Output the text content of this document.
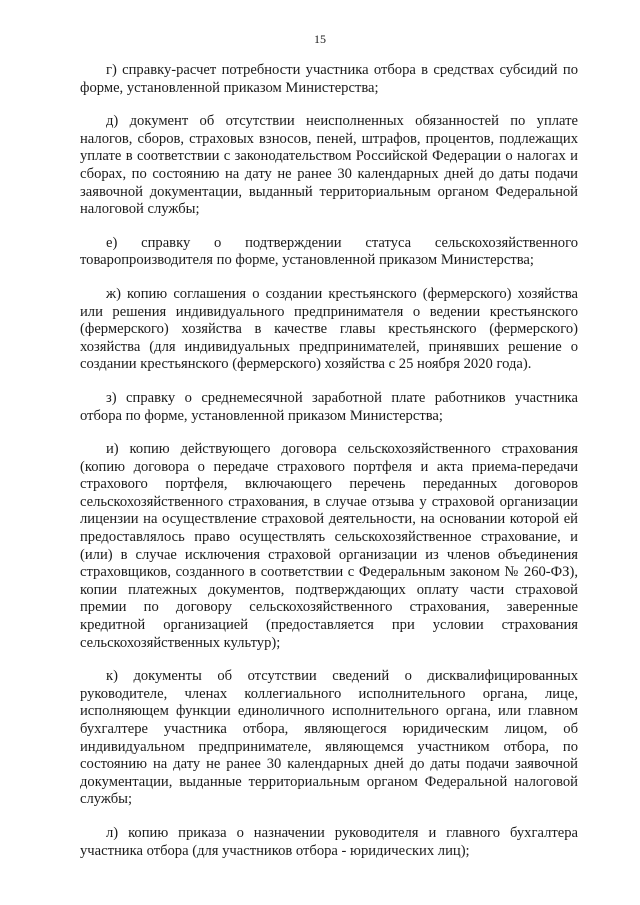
15

г) справку-расчет потребности участника отбора в средствах субсидий по форме, установленной приказом Министерства;

д) документ об отсутствии неисполненных обязанностей по уплате налогов, сборов, страховых взносов, пеней, штрафов, процентов, подлежащих уплате в соответствии с законодательством Российской Федерации о налогах и сборах, по состоянию на дату не ранее 30 календарных дней до даты подачи заявочной документации, выданный территориальным органом Федеральной налоговой службы;

е) справку о подтверждении статуса сельскохозяйственного товаропроизводителя по форме, установленной приказом Министерства;

ж) копию соглашения о создании крестьянского (фермерского) хозяйства или решения индивидуального предпринимателя о ведении крестьянского (фермерского) хозяйства в качестве главы крестьянского (фермерского) хозяйства (для индивидуальных предпринимателей, принявших решение о создании крестьянского (фермерского) хозяйства с 25 ноября 2020 года).

з) справку о среднемесячной заработной плате работников участника отбора по форме, установленной приказом Министерства;

и) копию действующего договора сельскохозяйственного страхования (копию договора о передаче страхового портфеля и акта приема-передачи страхового портфеля, включающего перечень переданных договоров сельскохозяйственного страхования, в случае отзыва у страховой организации лицензии на осуществление страховой деятельности, на основании которой ей предоставлялось право осуществлять сельскохозяйственное страхование, и (или) в случае исключения страховой организации из членов объединения страховщиков, созданного в соответствии с Федеральным законом № 260-ФЗ), копии платежных документов, подтверждающих оплату части страховой премии по договору сельскохозяйственного страхования, заверенные кредитной организацией (предоставляется при условии страхования сельскохозяйственных культур);

к) документы об отсутствии сведений о дисквалифицированных руководителе, членах коллегиального исполнительного органа, лице, исполняющем функции единоличного исполнительного органа, или главном бухгалтере участника отбора, являющегося юридическим лицом, об индивидуальном предпринимателе, являющемся участником отбора, по состоянию на дату не ранее 30 календарных дней до даты подачи заявочной документации, выданные территориальным органом Федеральной налоговой службы;

л) копию приказа о назначении руководителя и главного бухгалтера участника отбора (для участников отбора - юридических лиц);
